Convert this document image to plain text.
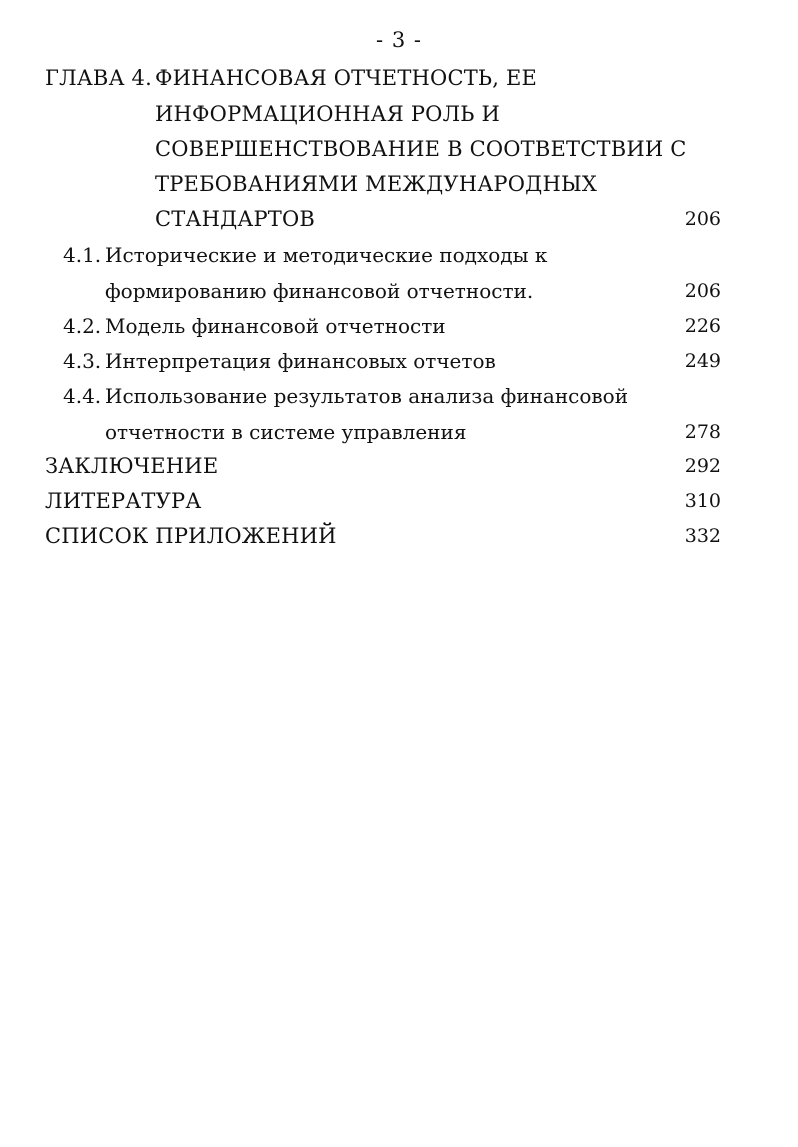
- 3 -
ГЛАВА 4. ФИНАНСОВАЯ ОТЧЕТНОСТЬ, ЕЕ
ИНФОРМАЦИОННАЯ РОЛЬ И
СОВЕРШЕНСТВОВАНИЕ В СООТВЕТСТВИИ С
ТРЕБОВАНИЯМИ МЕЖДУНАРОДНЫХ
СТАНДАРТОВ	206
4.1. Исторические и методические подходы к
формированию финансовой отчетности.	206
4.2. Модель финансовой отчетности	226
4.3. Интерпретация финансовых отчетов	249
4.4. Использование результатов анализа финансовой
отчетности в системе управления	278
ЗАКЛЮЧЕНИЕ	292
ЛИТЕРАТУРА	310
СПИСОК ПРИЛОЖЕНИЙ	332
